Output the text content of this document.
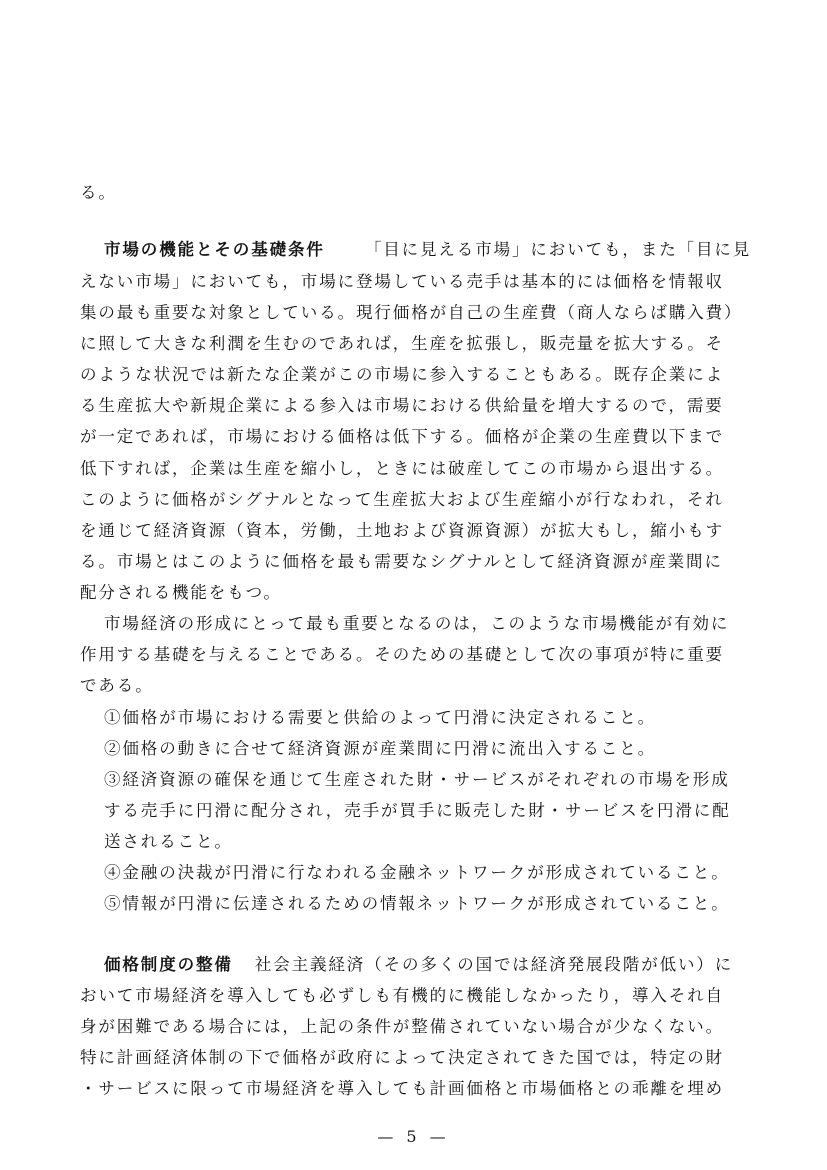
る。
市場の機能とその基礎条件 「目に見える市場」においても，また「目に見
えない市場」においても，市場に登場している売手は基本的には価格を情報収
集の最も重要な対象としている。現行価格が自己の生産費（商人ならば購入費）
に照して大きな利潤を生むのであれば，生産を拡張し，販売量を拡大する。そ
のような状況では新たな企業がこの市場に参入することもある。既存企業によ
る生産拡大や新規企業による参入は市場における供給量を増大するので，需要
が一定であれば，市場における価格は低下する。価格が企業の生産費以下まで
低下すれば，企業は生産を縮小し，ときには破産してこの市場から退出する。
このように価格がシグナルとなって生産拡大および生産縮小が行なわれ，それ
を通じて経済資源（資本，労働，土地および資源資源）が拡大もし，縮小もす
る。市場とはこのように価格を最も需要なシグナルとして経済資源が産業間に
配分される機能をもつ。
市場経済の形成にとって最も重要となるのは，このような市場機能が有効に
作用する基礎を与えることである。そのための基礎として次の事項が特に重要
である。
①価格が市場における需要と供給のよって円滑に決定されること。
②価格の動きに合せて経済資源が産業間に円滑に流出入すること。
③経済資源の確保を通じて生産された財・サービスがそれぞれの市場を形成
する売手に円滑に配分され，売手が買手に販売した財・サービスを円滑に配
送されること。
④金融の決裁が円滑に行なわれる金融ネットワークが形成されていること。
⑤情報が円滑に伝達されるための情報ネットワークが形成されていること。
価格制度の整備 社会主義経済（その多くの国では経済発展段階が低い）に
おいて市場経済を導入しても必ずしも有機的に機能しなかったり，導入それ自
身が困難である場合には，上記の条件が整備されていない場合が少なくない。
特に計画経済体制の下で価格が政府によって決定されてきた国では，特定の財
・サービスに限って市場経済を導入しても計画価格と市場価格との乖離を埋め
— 5 —
